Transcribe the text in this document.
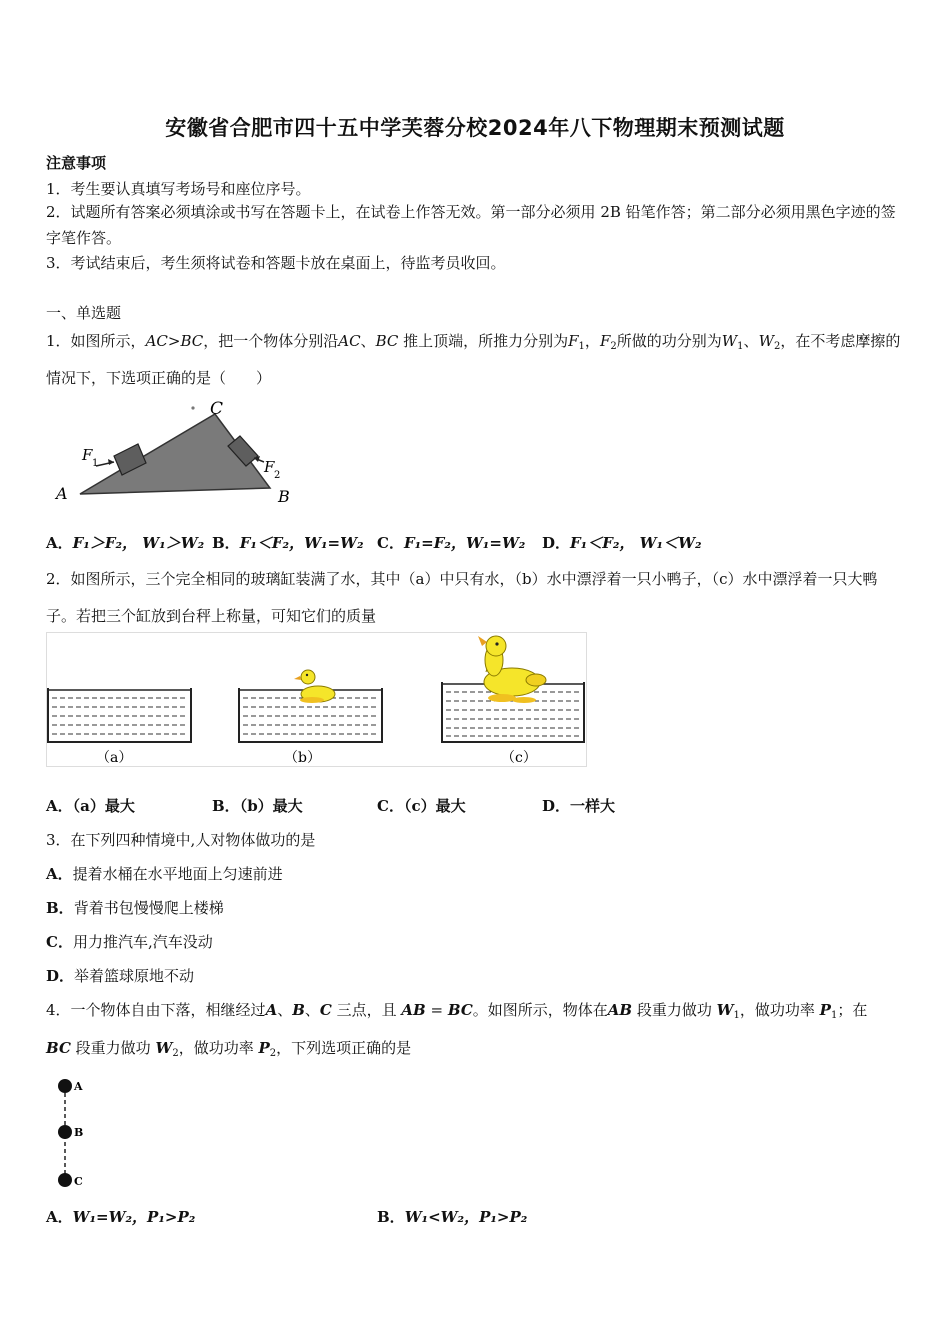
安徽省合肥市四十五中学芙蓉分校2024年八下物理期末预测试题
注意事项
1．考生要认真填写考场号和座位序号。
2．试题所有答案必须填涂或书写在答题卡上，在试卷上作答无效。第一部分必须用 2B 铅笔作答；第二部分必须用黑色字迹的签字笔作答。
3．考试结束后，考生须将试卷和答题卡放在桌面上，待监考员收回。
一、单选题
1．如图所示，AC>BC，把一个物体分别沿AC、BC 推上顶端，所推力分别为$F_1$，$F_2$所做的功分别为$W_1$、$W_2$，在不考虑摩擦的情况下，下选项正确的是（　　）
C
A	B
F 1	F 2
A．F₁＞F₂， W₁＞W₂ B．F₁＜F₂，W₁=W₂ C．F₁=F₂，W₁=W₂ D．F₁＜F₂， W₁＜W₂
2．如图所示，三个完全相同的玻璃缸装满了水，其中（a）中只有水，（b）水中漂浮着一只小鸭子，（c）水中漂浮着一只大鸭子。若把三个缸放到台秤上称量，可知它们的质量
（a）	（b）	（c）
A．（a）最大	B．（b）最大	C．（c）最大	D．一样大
3．在下列四种情境中,人对物体做功的是
A．提着水桶在水平地面上匀速前进
B．背着书包慢慢爬上楼梯
C．用力推汽车,汽车没动
D．举着篮球原地不动
4．一个物体自由下落，相继经过A、B、C 三点，且 AB = BC。如图所示，物体在AB 段重力做功 $W_1$，做功功率 $P_1$；在
BC 段重力做功 $W_2$，做功功率 $P_2$，下列选项正确的是
A
B
C
A．W₁=W₂，P₁>P₂	B．W₁<W₂，P₁>P₂
